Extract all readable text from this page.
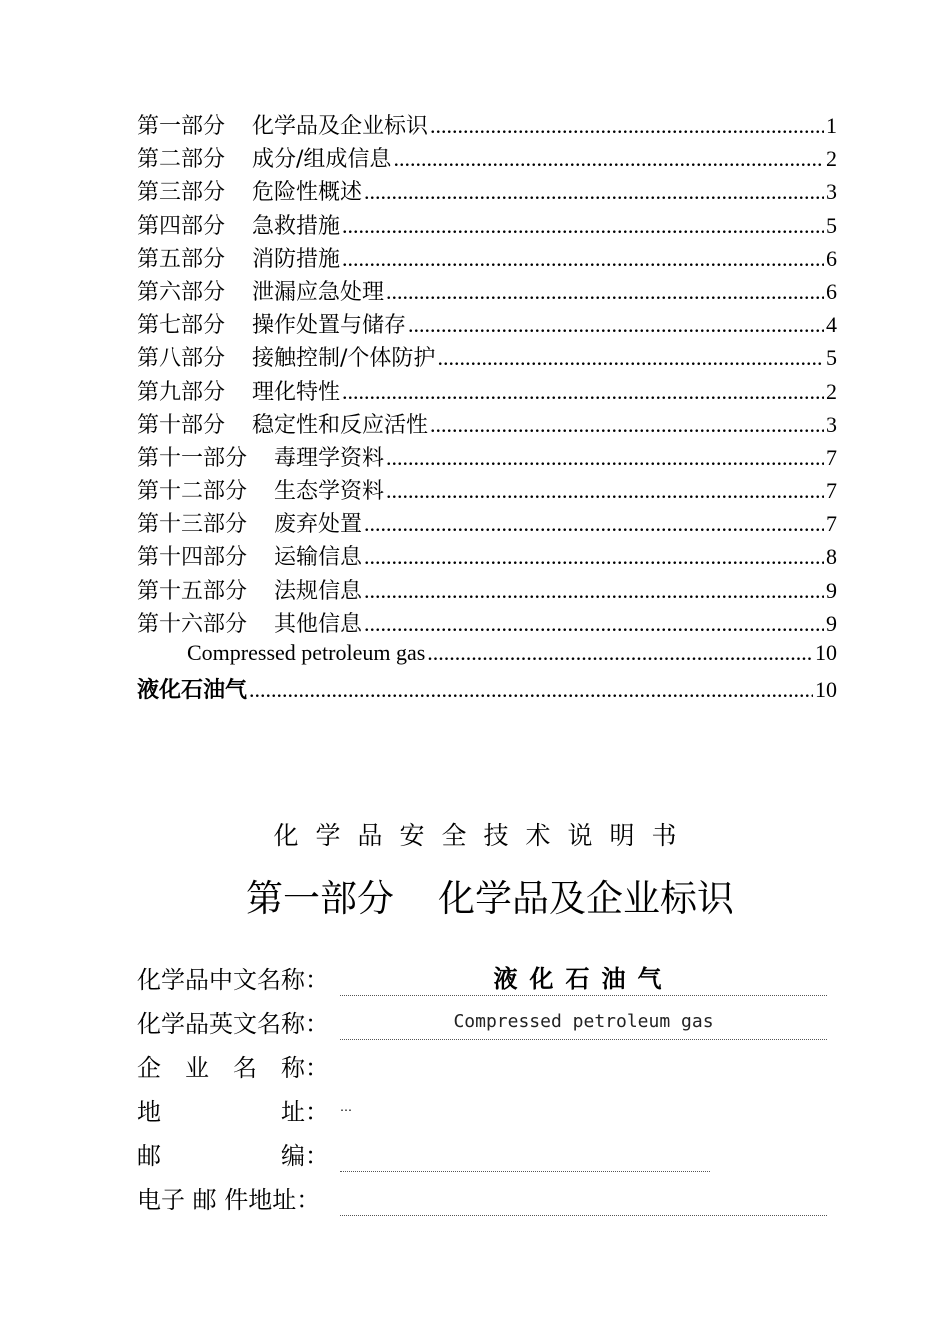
第一部分	化学品及企业标识 .....	1
第二部分	成分/组成信息 .....	2
第三部分	危险性概述 .....	3
第四部分	急救措施 .....	5
第五部分	消防措施 .....	6
第六部分	泄漏应急处理 .....	6
第七部分	操作处置与储存 .....	4
第八部分	接触控制/个体防护 .....	5
第九部分	理化特性 .....	2
第十部分	稳定性和反应活性 .....	3
第十一部分	毒理学资料 .....	7
第十二部分	生态学资料 .....	7
第十三部分	废弃处置 .....	7
第十四部分	运输信息 .....	8
第十五部分	法规信息 .....	9
第十六部分	其他信息 .....	9
Compressed petroleum gas .....	10
液化石油气 .....	10
化学品安全技术说明书
第一部分 化学品及企业标识
化学品中文名称：	液化石油气
化学品英文名称：	Compressed petroleum gas
企　业　名　称：
地　　　　　址： …
邮　　　　　编：
电子 邮 件地址：
